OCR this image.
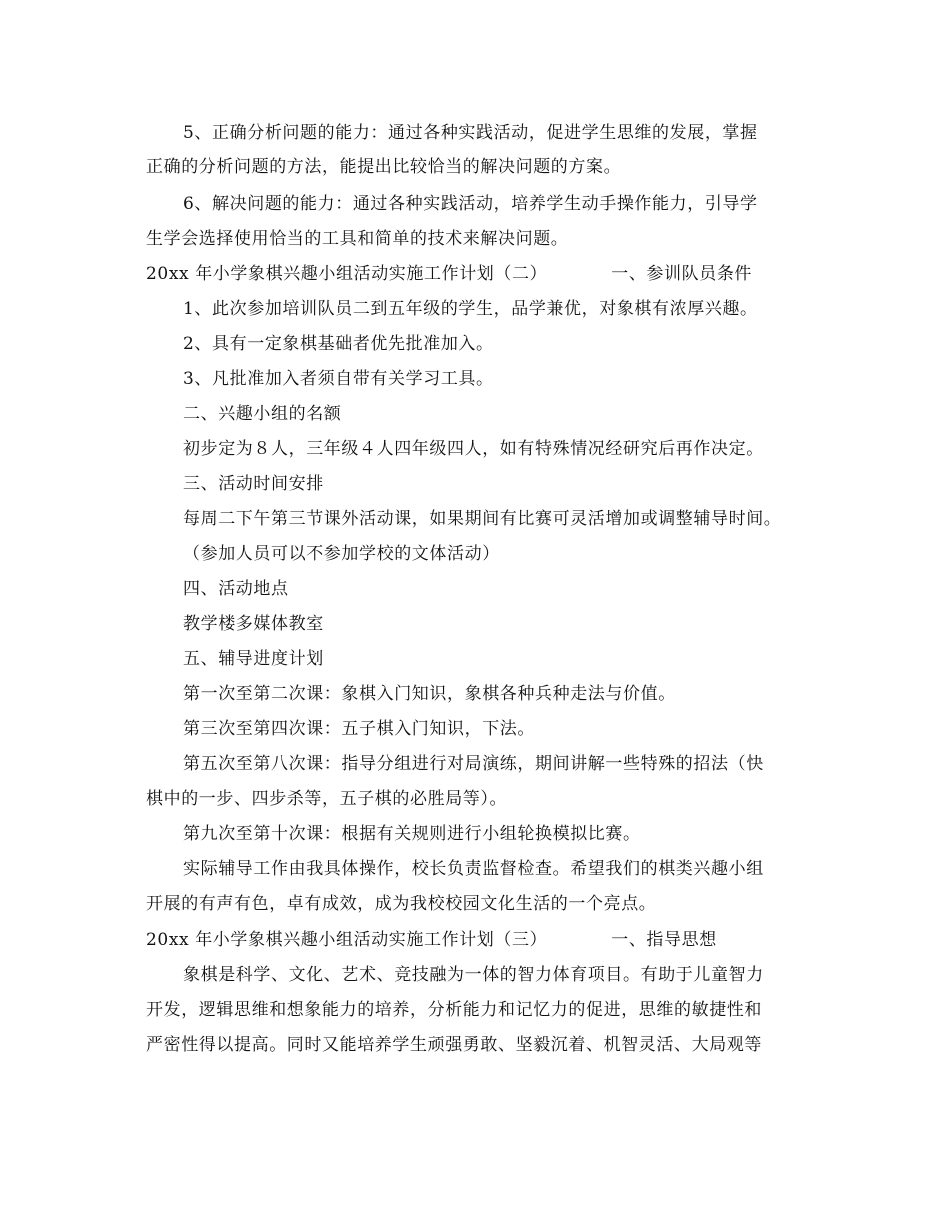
5、正确分析问题的能力：通过各种实践活动，促进学生思维的发展，掌握
正确的分析问题的方法，能提出比较恰当的解决问题的方案。
6、解决问题的能力：通过各种实践活动，培养学生动手操作能力，引导学
生学会选择使用恰当的工具和简单的技术来解决问题。
20xx 年小学象棋兴趣小组活动实施工作计划（二）	一、参训队员条件
1、此次参加培训队员二到五年级的学生，品学兼优，对象棋有浓厚兴趣。
2、具有一定象棋基础者优先批准加入。
3、凡批准加入者须自带有关学习工具。
二、兴趣小组的名额
初步定为８人，三年级４人四年级四人，如有特殊情况经研究后再作决定。
三、活动时间安排
每周二下午第三节课外活动课，如果期间有比赛可灵活增加或调整辅导时间。
（参加人员可以不参加学校的文体活动）
四、活动地点
教学楼多媒体教室
五、辅导进度计划
第一次至第二次课：象棋入门知识，象棋各种兵种走法与价值。
第三次至第四次课：五子棋入门知识，下法。
第五次至第八次课：指导分组进行对局演练，期间讲解一些特殊的招法（快
棋中的一步、四步杀等，五子棋的必胜局等）。
第九次至第十次课：根据有关规则进行小组轮换模拟比赛。
实际辅导工作由我具体操作，校长负责监督检查。希望我们的棋类兴趣小组
开展的有声有色，卓有成效，成为我校校园文化生活的一个亮点。
20xx 年小学象棋兴趣小组活动实施工作计划（三）	一、指导思想
象棋是科学、文化、艺术、竞技融为一体的智力体育项目。有助于儿童智力
开发，逻辑思维和想象能力的培养，分析能力和记忆力的促进，思维的敏捷性和
严密性得以提高。同时又能培养学生顽强勇敢、坚毅沉着、机智灵活、大局观等
